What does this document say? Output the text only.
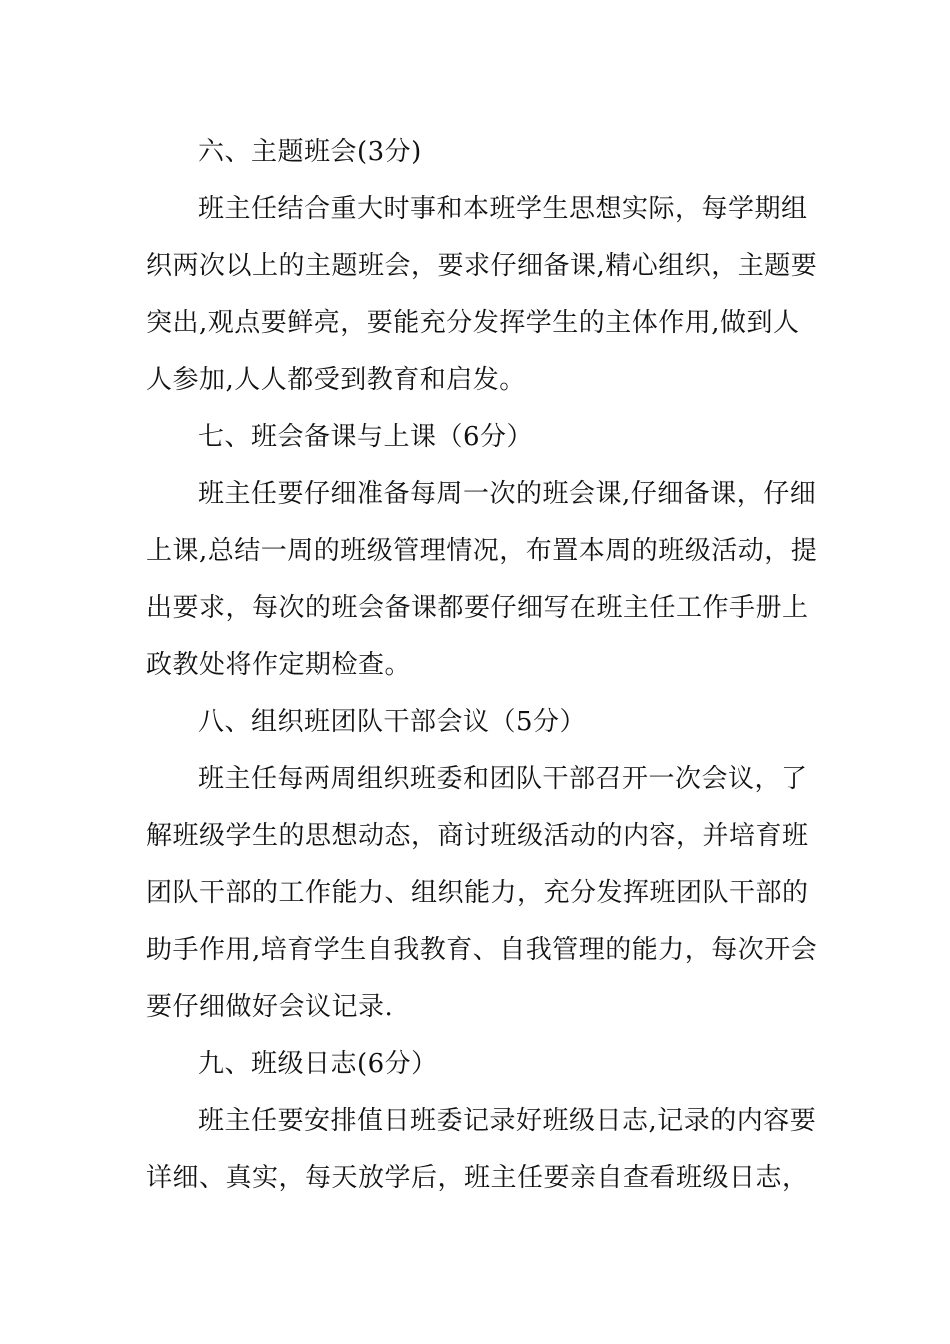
六、主题班会(3分)

班主任结合重大时事和本班学生思想实际，每学期组
织两次以上的主题班会，要求仔细备课,精心组织，主题要
突出,观点要鲜亮，要能充分发挥学生的主体作用,做到人
人参加,人人都受到教育和启发。

七、班会备课与上课（6分）

班主任要仔细准备每周一次的班会课,仔细备课，仔细
上课,总结一周的班级管理情况，布置本周的班级活动，提
出要求，每次的班会备课都要仔细写在班主任工作手册上
政教处将作定期检查。

八、组织班团队干部会议（5分）

班主任每两周组织班委和团队干部召开一次会议，了
解班级学生的思想动态，商讨班级活动的内容，并培育班
团队干部的工作能力、组织能力，充分发挥班团队干部的
助手作用,培育学生自我教育、自我管理的能力，每次开会
要仔细做好会议记录.

九、班级日志(6分）

班主任要安排值日班委记录好班级日志,记录的内容要
详细、真实，每天放学后，班主任要亲自查看班级日志，
